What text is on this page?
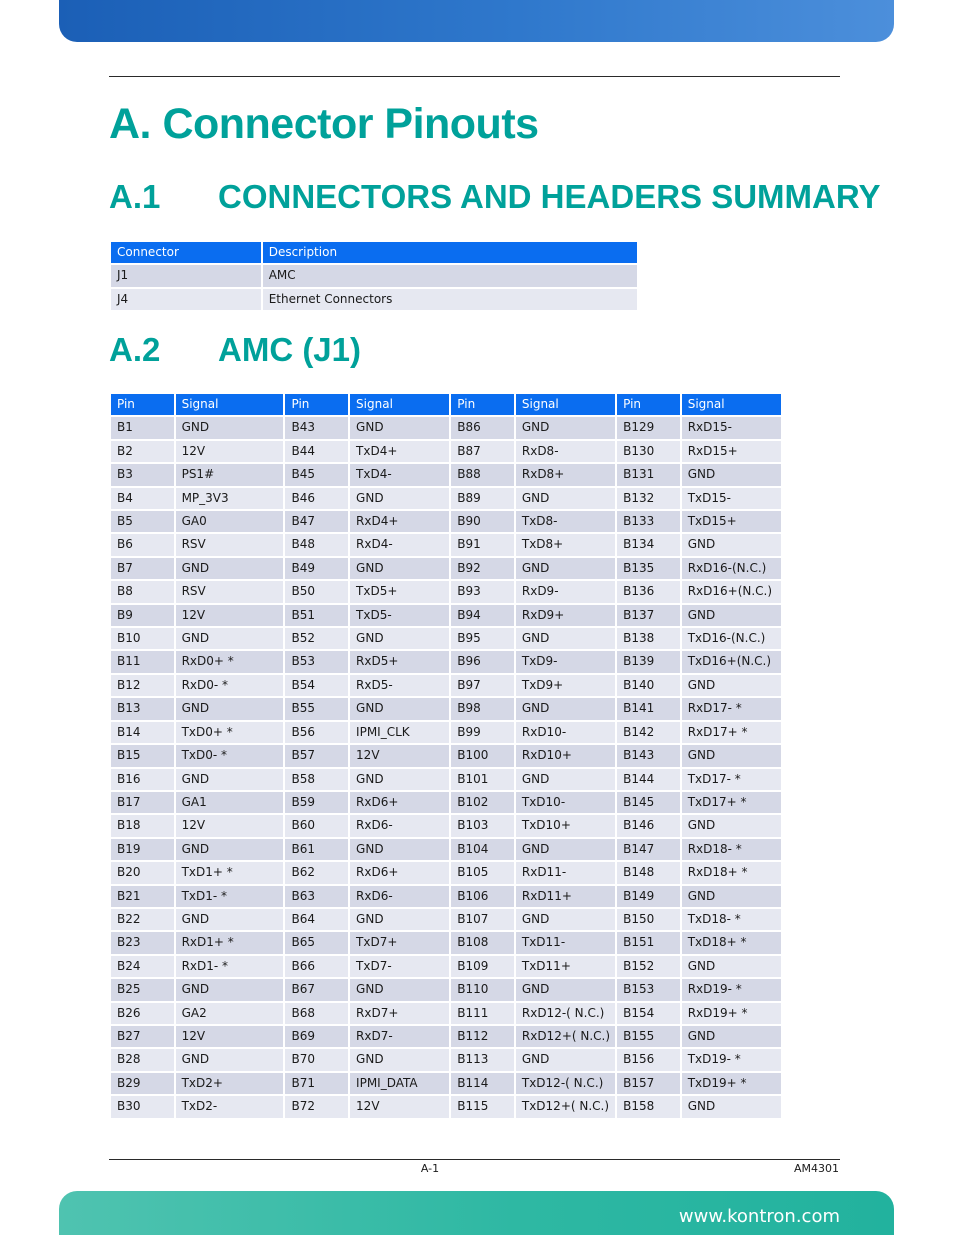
A. Connector Pinouts
A.1 CONNECTORS AND HEADERS SUMMARY
Connector	Description
J1	AMC
J4	Ethernet Connectors
A.2 AMC (J1)
Pin	Signal	Pin	Signal	Pin	Signal	Pin	Signal
B1	GND	B43	GND	B86	GND	B129	RxD15-
B2	12V	B44	TxD4+	B87	RxD8-	B130	RxD15+
B3	PS1#	B45	TxD4-	B88	RxD8+	B131	GND
B4	MP_3V3	B46	GND	B89	GND	B132	TxD15-
B5	GA0	B47	RxD4+	B90	TxD8-	B133	TxD15+
B6	RSV	B48	RxD4-	B91	TxD8+	B134	GND
B7	GND	B49	GND	B92	GND	B135	RxD16-(N.C.)
B8	RSV	B50	TxD5+	B93	RxD9-	B136	RxD16+(N.C.)
B9	12V	B51	TxD5-	B94	RxD9+	B137	GND
B10	GND	B52	GND	B95	GND	B138	TxD16-(N.C.)
B11	RxD0+ *	B53	RxD5+	B96	TxD9-	B139	TxD16+(N.C.)
B12	RxD0- *	B54	RxD5-	B97	TxD9+	B140	GND
B13	GND	B55	GND	B98	GND	B141	RxD17- *
B14	TxD0+ *	B56	IPMI_CLK	B99	RxD10-	B142	RxD17+ *
B15	TxD0- *	B57	12V	B100	RxD10+	B143	GND
B16	GND	B58	GND	B101	GND	B144	TxD17- *
B17	GA1	B59	RxD6+	B102	TxD10-	B145	TxD17+ *
B18	12V	B60	RxD6-	B103	TxD10+	B146	GND
B19	GND	B61	GND	B104	GND	B147	RxD18- *
B20	TxD1+ *	B62	RxD6+	B105	RxD11-	B148	RxD18+ *
B21	TxD1- *	B63	RxD6-	B106	RxD11+	B149	GND
B22	GND	B64	GND	B107	GND	B150	TxD18- *
B23	RxD1+ *	B65	TxD7+	B108	TxD11-	B151	TxD18+ *
B24	RxD1- *	B66	TxD7-	B109	TxD11+	B152	GND
B25	GND	B67	GND	B110	GND	B153	RxD19- *
B26	GA2	B68	RxD7+	B111	RxD12-( N.C.)	B154	RxD19+ *
B27	12V	B69	RxD7-	B112	RxD12+( N.C.)	B155	GND
B28	GND	B70	GND	B113	GND	B156	TxD19- *
B29	TxD2+	B71	IPMI_DATA	B114	TxD12-( N.C.)	B157	TxD19+ *
B30	TxD2-	B72	12V	B115	TxD12+( N.C.)	B158	GND
A-1	AM4301

www.kontron.com
